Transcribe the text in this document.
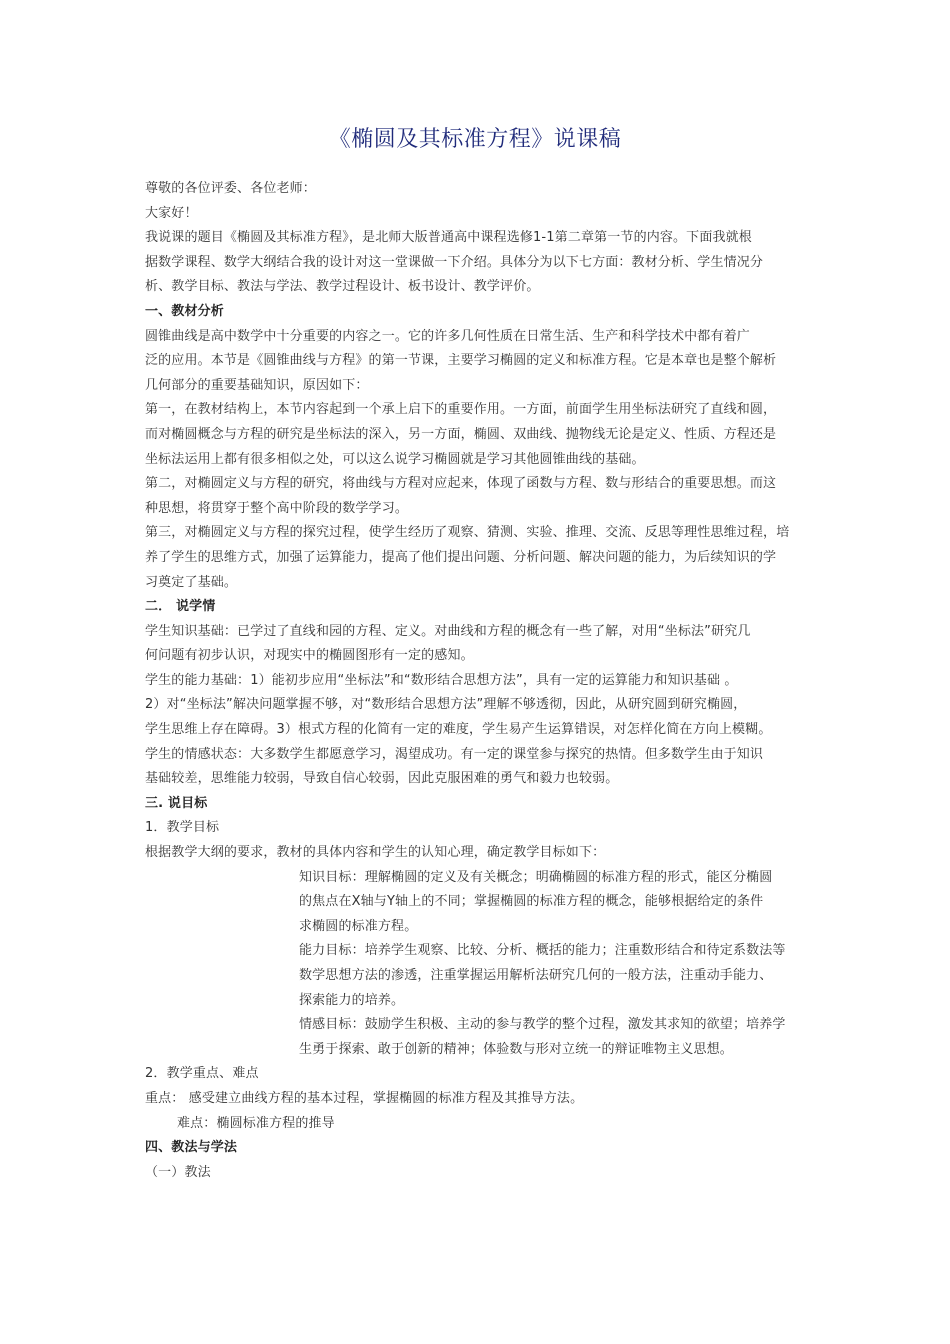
《椭圆及其标准方程》说课稿
尊敬的各位评委、各位老师：
大家好！
我说课的题目《椭圆及其标准方程》，是北师大版普通高中课程选修1-1第二章第一节的内容。下面我就根
据数学课程、数学大纲结合我的设计对这一堂课做一下介绍。具体分为以下七方面：教材分析、学生情况分
析、教学目标、教法与学法、教学过程设计、板书设计、教学评价。
一、教材分析
圆锥曲线是高中数学中十分重要的内容之一。它的许多几何性质在日常生活、生产和科学技术中都有着广
泛的应用。本节是《圆锥曲线与方程》的第一节课，主要学习椭圆的定义和标准方程。它是本章也是整个解析
几何部分的重要基础知识，原因如下：
第一，在教材结构上，本节内容起到一个承上启下的重要作用。一方面，前面学生用坐标法研究了直线和圆，
而对椭圆概念与方程的研究是坐标法的深入，另一方面，椭圆、双曲线、抛物线无论是定义、性质、方程还是
坐标法运用上都有很多相似之处，可以这么说学习椭圆就是学习其他圆锥曲线的基础。
第二，对椭圆定义与方程的研究，将曲线与方程对应起来，体现了函数与方程、数与形结合的重要思想。而这
种思想，将贯穿于整个高中阶段的数学学习。
第三，对椭圆定义与方程的探究过程，使学生经历了观察、猜测、实验、推理、交流、反思等理性思维过程，培
养了学生的思维方式，加强了运算能力，提高了他们提出问题、分析问题、解决问题的能力，为后续知识的学
习奠定了基础。
二． 说学情
学生知识基础：已学过了直线和园的方程、定义。对曲线和方程的概念有一些了解，对用“坐标法”研究几
何问题有初步认识，对现实中的椭圆图形有一定的感知。
学生的能力基础：1）能初步应用“坐标法”和“数形结合思想方法”，具有一定的运算能力和知识基础 。
2）对“坐标法”解决问题掌握不够，对“数形结合思想方法”理解不够透彻，因此，从研究圆到研究椭圆，
学生思维上存在障碍。3）根式方程的化简有一定的难度，学生易产生运算错误，对怎样化简在方向上模糊。
学生的情感状态：大多数学生都愿意学习，渴望成功。有一定的课堂参与探究的热情。但多数学生由于知识
基础较差，思维能力较弱，导致自信心较弱，因此克服困难的勇气和毅力也较弱。
三. 说目标
1．教学目标
根据教学大纲的要求，教材的具体内容和学生的认知心理，确定教学目标如下：
知识目标：理解椭圆的定义及有关概念；明确椭圆的标准方程的形式，能区分椭圆
的焦点在X轴与Y轴上的不同；掌握椭圆的标准方程的概念，能够根据给定的条件
求椭圆的标准方程。
能力目标：培养学生观察、比较、分析、概括的能力；注重数形结合和待定系数法等
数学思想方法的渗透，注重掌握运用解析法研究几何的一般方法，注重动手能力、
探索能力的培养。
情感目标：鼓励学生积极、主动的参与教学的整个过程，激发其求知的欲望；培养学
生勇于探索、敢于创新的精神；体验数与形对立统一的辩证唯物主义思想。
2．教学重点、难点
重点： 感受建立曲线方程的基本过程，掌握椭圆的标准方程及其推导方法。
难点：椭圆标准方程的推导
四、教法与学法
（一）教法
